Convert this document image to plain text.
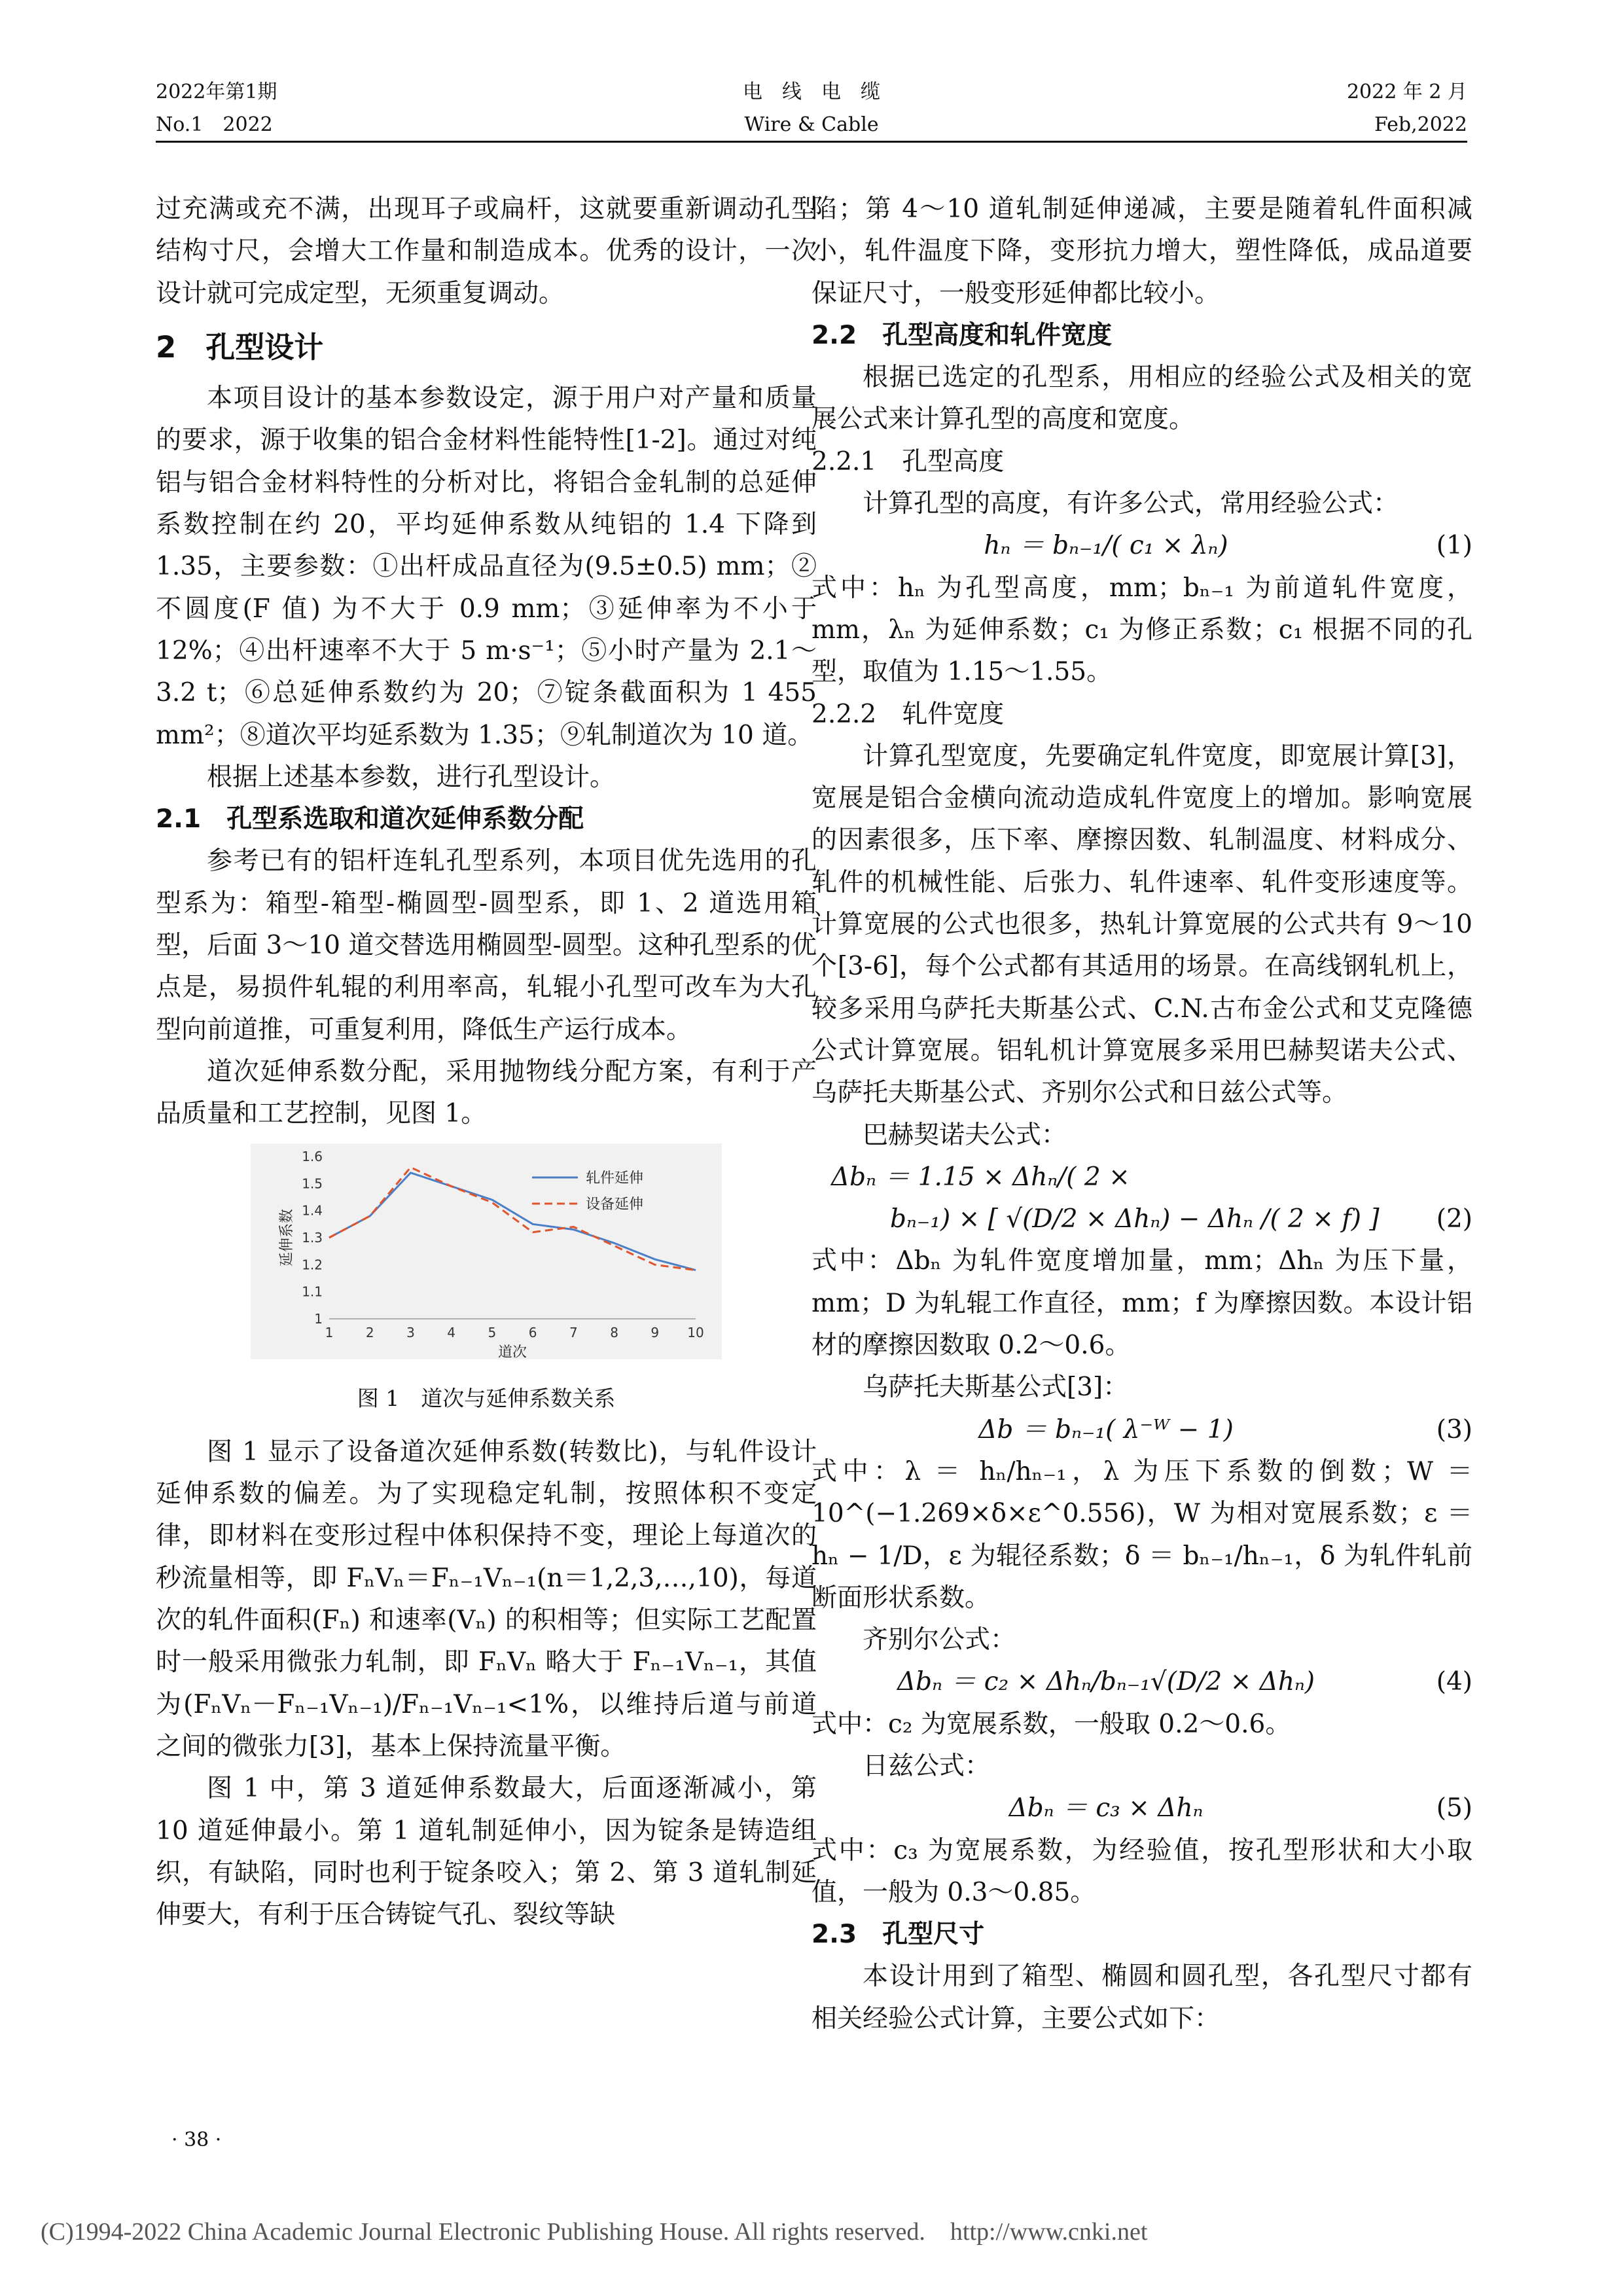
2022年第1期
No.1　2022
电　线　电　缆
Wire & Cable
2022 年 2 月
Feb,2022

过充满或充不满，出现耳子或扁杆，这就要重新调动孔型结构寸尺，会增大工作量和制造成本。优秀的设计，一次设计就可完成定型，无须重复调动。

2　孔型设计

本项目设计的基本参数设定，源于用户对产量和质量的要求，源于收集的铝合金材料性能特性[1-2]。通过对纯铝与铝合金材料特性的分析对比，将铝合金轧制的总延伸系数控制在约 20，平均延伸系数从纯铝的 1.4 下降到 1.35，主要参数：①出杆成品直径为(9.5±0.5) mm；②不圆度(F 值) 为不大于 0.9 mm；③延伸率为不小于 12%；④出杆速率不大于 5 m·s⁻¹；⑤小时产量为 2.1～3.2 t；⑥总延伸系数约为 20；⑦锭条截面积为 1 455 mm²；⑧道次平均延系数为 1.35；⑨轧制道次为 10 道。

根据上述基本参数，进行孔型设计。

2.1　孔型系选取和道次延伸系数分配

参考已有的铝杆连轧孔型系列，本项目优先选用的孔型系为：箱型-箱型-椭圆型-圆型系，即 1、2 道选用箱型，后面 3～10 道交替选用椭圆型-圆型。这种孔型系的优点是，易损件轧辊的利用率高，轧辊小孔型可改车为大孔型向前道推，可重复利用，降低生产运行成本。

道次延伸系数分配，采用抛物线分配方案，有利于产品质量和工艺控制，见图 1。

1
1.1
1.2
1.3
1.4
1.5
1.6
1 2 3 4 5 6 7 8 9 10
道次
延伸系数
轧件延伸
设备延伸
图 1　道次与延伸系数关系

图 1 显示了设备道次延伸系数(转数比)，与轧件设计延伸系数的偏差。为了实现稳定轧制，按照体积不变定律，即材料在变形过程中体积保持不变，理论上每道次的秒流量相等，即 FₙVₙ＝Fₙ₋₁Vₙ₋₁(n＝1,2,3,…,10)，每道次的轧件面积(Fₙ) 和速率(Vₙ) 的积相等；但实际工艺配置时一般采用微张力轧制，即 FₙVₙ 略大于 Fₙ₋₁Vₙ₋₁，其值为(FₙVₙ－Fₙ₋₁Vₙ₋₁)/Fₙ₋₁Vₙ₋₁<1%，以维持后道与前道之间的微张力[3]，基本上保持流量平衡。

图 1 中，第 3 道延伸系数最大，后面逐渐减小，第 10 道延伸最小。第 1 道轧制延伸小，因为锭条是铸造组织，有缺陷，同时也利于锭条咬入；第 2、第 3 道轧制延伸要大，有利于压合铸锭气孔、裂纹等缺

陷；第 4～10 道轧制延伸递减，主要是随着轧件面积减小，轧件温度下降，变形抗力增大，塑性降低，成品道要保证尺寸，一般变形延伸都比较小。

2.2　孔型高度和轧件宽度

根据已选定的孔型系，用相应的经验公式及相关的宽展公式来计算孔型的高度和宽度。

2.2.1　孔型高度

计算孔型的高度，有许多公式，常用经验公式：

hₙ ＝ bₙ₋₁/( c₁ × λₙ)	(1)

式中：hₙ 为孔型高度，mm；bₙ₋₁ 为前道轧件宽度，mm，λₙ 为延伸系数；c₁ 为修正系数；c₁ 根据不同的孔型，取值为 1.15～1.55。

2.2.2　轧件宽度

计算孔型宽度，先要确定轧件宽度，即宽展计算[3]，宽展是铝合金横向流动造成轧件宽度上的增加。影响宽展的因素很多，压下率、摩擦因数、轧制温度、材料成分、轧件的机械性能、后张力、轧件速率、轧件变形速度等。计算宽展的公式也很多，热轧计算宽展的公式共有 9～10 个[3-6]，每个公式都有其适用的场景。在高线钢轧机上，较多采用乌萨托夫斯基公式、C.N.古布金公式和艾克隆德公式计算宽展。铝轧机计算宽展多采用巴赫契诺夫公式、乌萨托夫斯基公式、齐别尔公式和日兹公式等。

巴赫契诺夫公式：

Δbₙ ＝ 1.15 × Δhₙ/( 2 ×
bₙ₋₁) × [ √(D/2 × Δhₙ) − Δhₙ /( 2 × f) ]	(2)

式中：Δbₙ 为轧件宽度增加量，mm；Δhₙ 为压下量，mm；D 为轧辊工作直径，mm；f 为摩擦因数。本设计铝材的摩擦因数取 0.2～0.6。

乌萨托夫斯基公式[3]：

Δb ＝ bₙ₋₁( λ⁻ᵂ − 1)	(3)

式中：λ ＝ hₙ/hₙ₋₁，λ 为压下系数的倒数；W ＝ 10^(−1.269×δ×ε^0.556)，W 为相对宽展系数；ε ＝ hₙ − 1/D，ε 为辊径系数；δ ＝ bₙ₋₁/hₙ₋₁，δ 为轧件轧前断面形状系数。

齐别尔公式：

Δbₙ ＝ c₂ × Δhₙ/bₙ₋₁√(D/2 × Δhₙ)	(4)

式中：c₂ 为宽展系数，一般取 0.2～0.6。

日兹公式：

Δbₙ ＝ c₃ × Δhₙ	(5)

式中：c₃ 为宽展系数，为经验值，按孔型形状和大小取值，一般为 0.3～0.85。

2.3　孔型尺寸

本设计用到了箱型、椭圆和圆孔型，各孔型尺寸都有相关经验公式计算，主要公式如下：

· 38 ·
(C)1994-2022 China Academic Journal Electronic Publishing House. All rights reserved.　http://www.cnki.net
